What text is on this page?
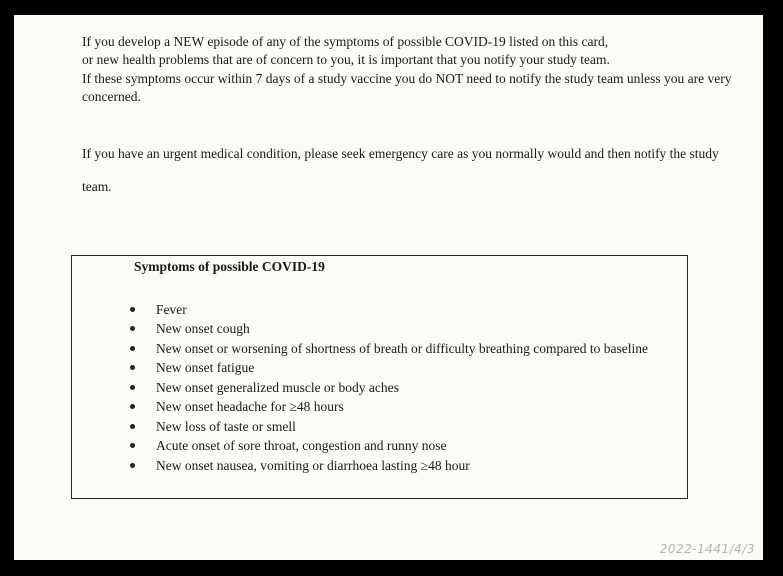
If you develop a NEW episode of any of the symptoms of possible COVID-19 listed on this card,
or new health problems that are of concern to you, it is important that you notify your study team.
If these symptoms occur within 7 days of a study vaccine you do NOT need to notify the study team unless you are very
concerned.
If you have an urgent medical condition, please seek emergency care as you normally would and then notify the study
team.
Symptoms of possible COVID-19
Fever
New onset cough
New onset or worsening of shortness of breath or difficulty breathing compared to baseline
New onset fatigue
New onset generalized muscle or body aches
New onset headache for ≥48 hours
New loss of taste or smell
Acute onset of sore throat, congestion and runny nose
New onset nausea, vomiting or diarrhoea lasting ≥48 hour
2022-1441/4/3
